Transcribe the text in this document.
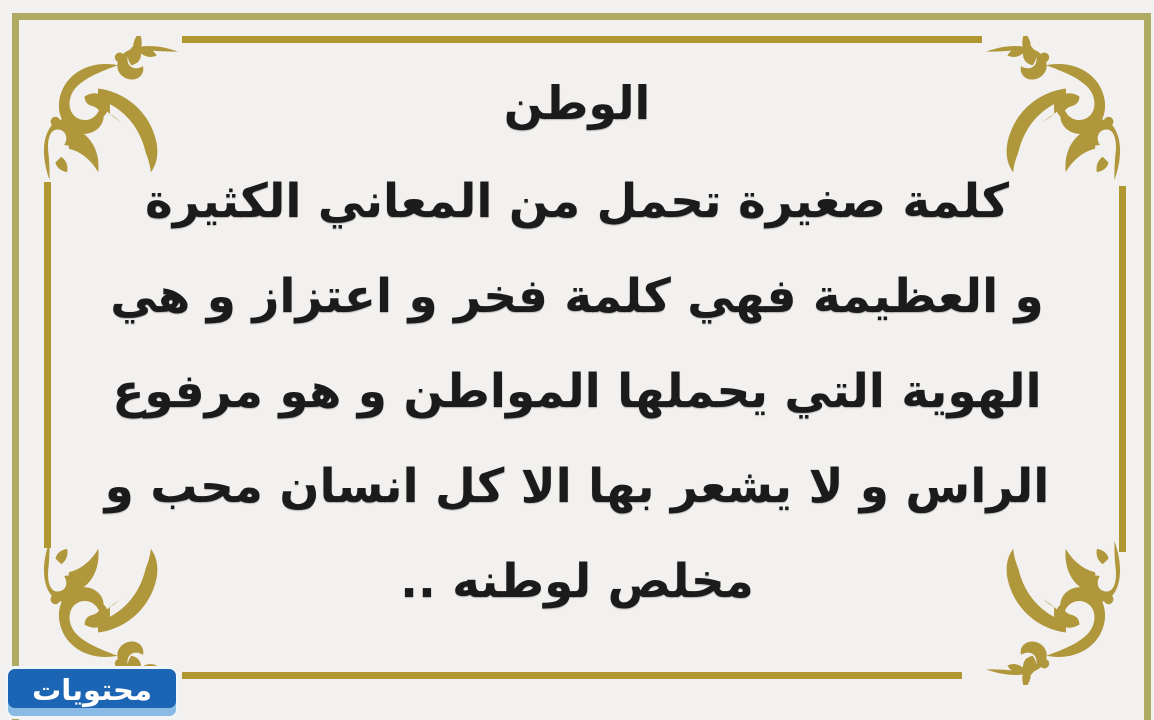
الوطن
كلمة صغيرة تحمل من المعاني الكثيرة
و العظيمة فهي كلمة فخر و اعتزاز و هي
الهوية التي يحملها المواطن و هو مرفوع
الراس و لا يشعر بها الا كل انسان محب و
مخلص لوطنه ..
محتويات
